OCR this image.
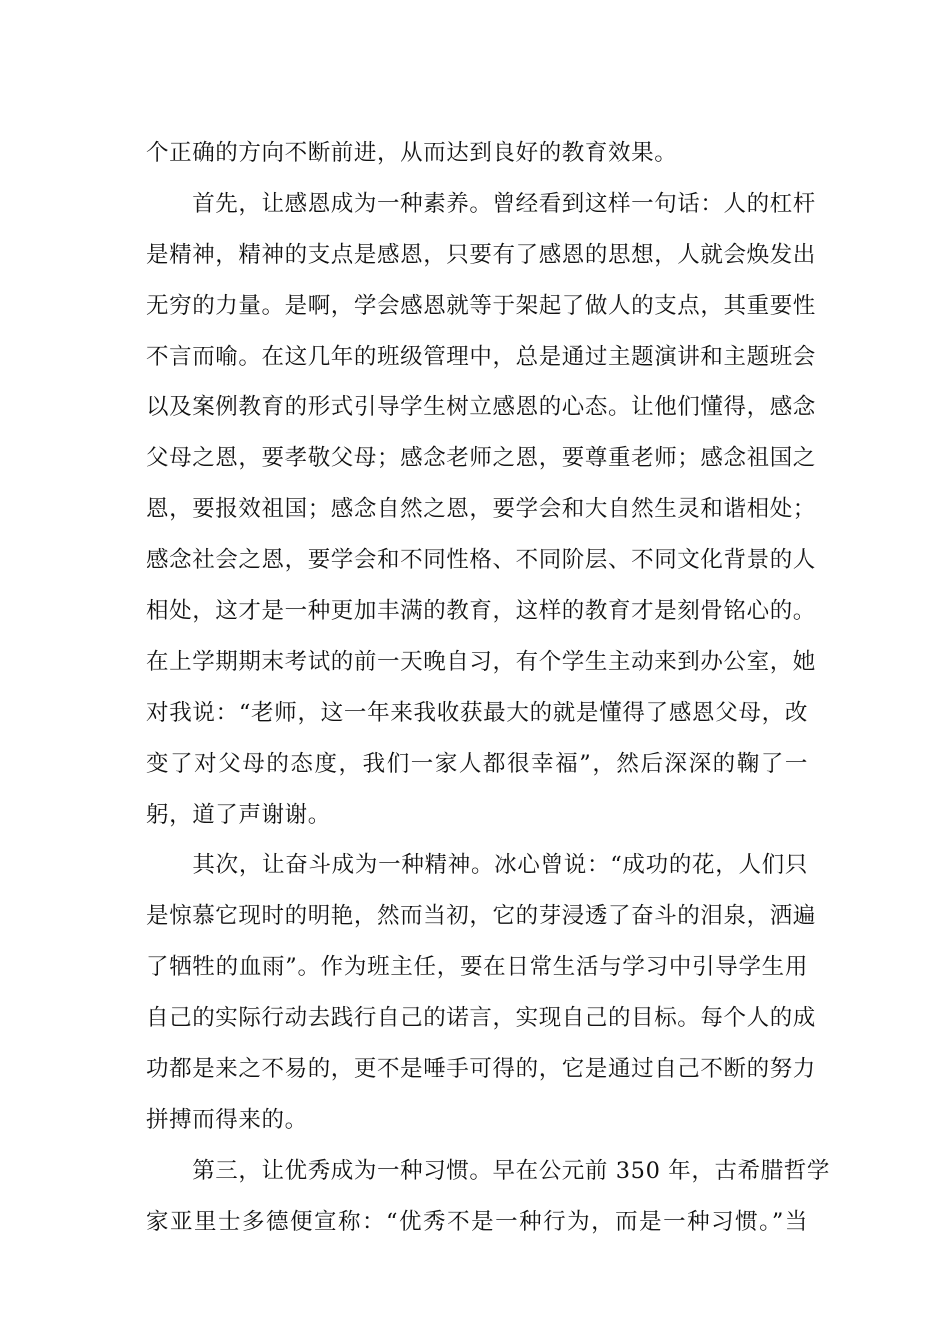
个正确的方向不断前进，从而达到良好的教育效果。
　　首先，让感恩成为一种素养。曾经看到这样一句话：人的杠杆
是精神，精神的支点是感恩，只要有了感恩的思想，人就会焕发出
无穷的力量。是啊，学会感恩就等于架起了做人的支点，其重要性
不言而喻。在这几年的班级管理中，总是通过主题演讲和主题班会
以及案例教育的形式引导学生树立感恩的心态。让他们懂得，感念
父母之恩，要孝敬父母；感念老师之恩，要尊重老师；感念祖国之
恩，要报效祖国；感念自然之恩，要学会和大自然生灵和谐相处；
感念社会之恩，要学会和不同性格、不同阶层、不同文化背景的人
相处，这才是一种更加丰满的教育，这样的教育才是刻骨铭心的。
在上学期期末考试的前一天晚自习，有个学生主动来到办公室，她
对我说：“老师，这一年来我收获最大的就是懂得了感恩父母，改
变了对父母的态度，我们一家人都很幸福”，然后深深的鞠了一
躬，道了声谢谢。
　　其次，让奋斗成为一种精神。冰心曾说：“成功的花，人们只
是惊慕它现时的明艳，然而当初，它的芽浸透了奋斗的泪泉，洒遍
了牺牲的血雨”。作为班主任，要在日常生活与学习中引导学生用
自己的实际行动去践行自己的诺言，实现自己的目标。每个人的成
功都是来之不易的，更不是唾手可得的，它是通过自己不断的努力
拼搏而得来的。
　　第三，让优秀成为一种习惯。早在公元前 350 年，古希腊哲学
家亚里士多德便宣称：“优秀不是一种行为，而是一种习惯。”当
